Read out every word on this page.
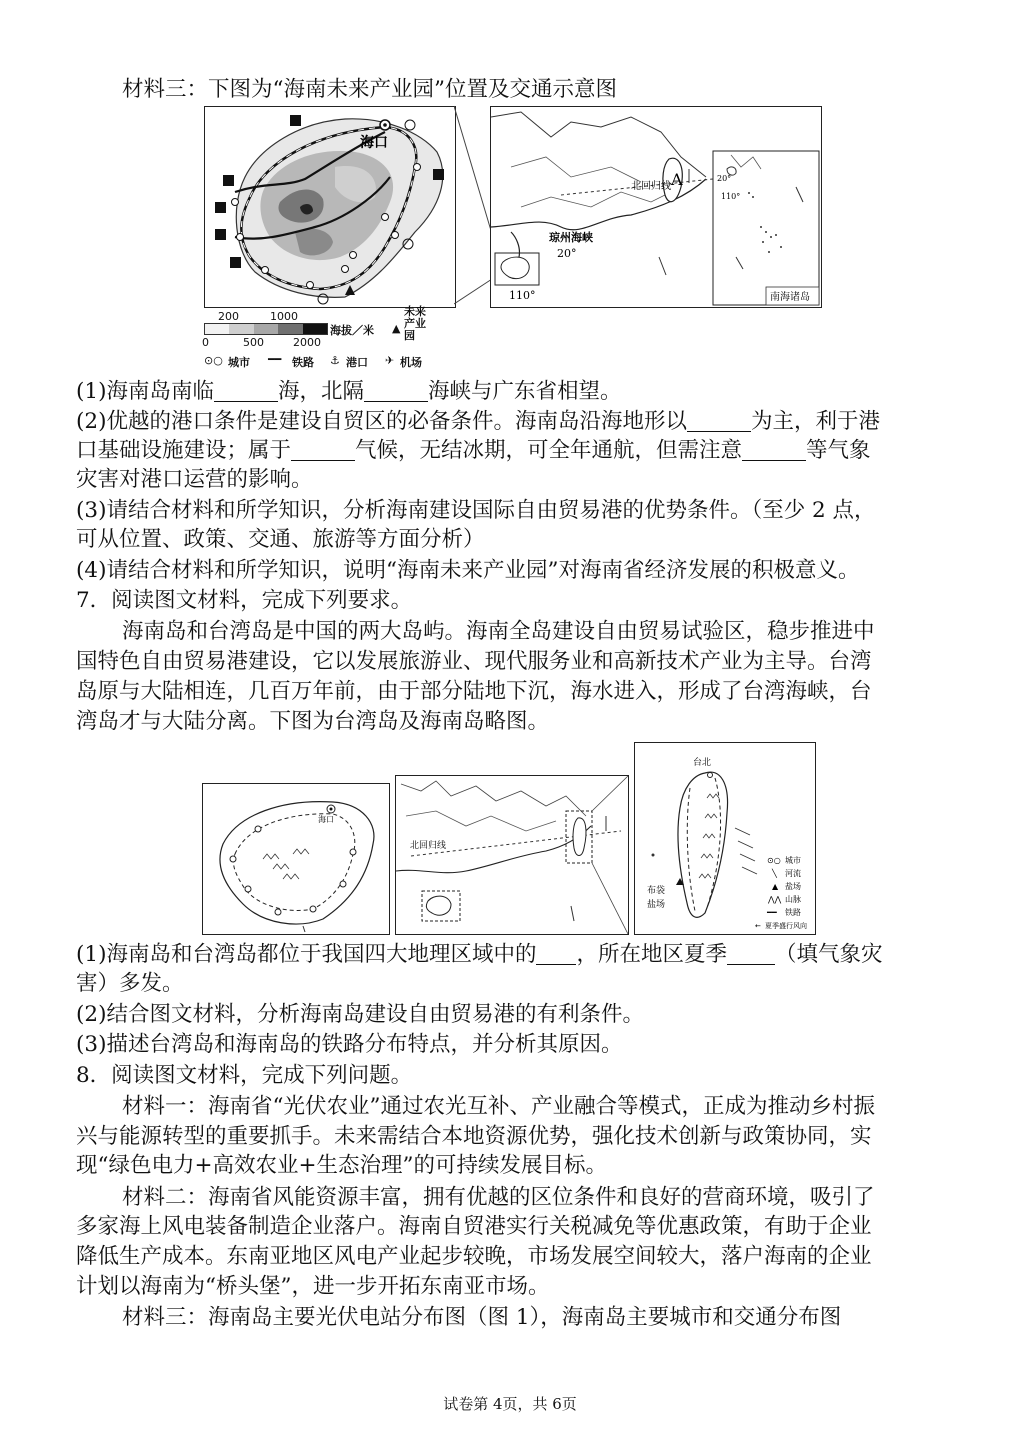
材料三：下图为“海南未来产业园”位置及交通示意图
海口
200	1000
0	500	2000
海拔／米 ▲
未来产业园
⊙○ 城市 ━━ 铁路 ⚓ 港口 ✈ 机场
北回归线 A
琼州海峡
20°
110°
20°
110°
南海诸岛
(1)海南岛南临	海，北隔	海峡与广东省相望。
(2)优越的港口条件是建设自贸区的必备条件。海南岛沿海地形以	为主，利于港
口基础设施建设；属于	气候，无结冰期，可全年通航，但需注意	等气象
灾害对港口运营的影响。
(3)请结合材料和所学知识，分析海南建设国际自由贸易港的优势条件。（至少 2 点，
可从位置、政策、交通、旅游等方面分析）
(4)请结合材料和所学知识，说明“海南未来产业园”对海南省经济发展的积极意义。
7．阅读图文材料，完成下列要求。
海南岛和台湾岛是中国的两大岛屿。海南全岛建设自由贸易试验区，稳步推进中
国特色自由贸易港建设，它以发展旅游业、现代服务业和高新技术产业为主导。台湾
岛原与大陆相连，几百万年前，由于部分陆地下沉，海水进入，形成了台湾海峡，台
湾岛才与大陆分离。下图为台湾岛及海南岛略图。
海口
北回归线
台北
布袋
盐场
⊙○ 城市
╲ 河流
▲ 盐场
⋀⋀ 山脉
━━ 铁路
← 夏季盛行风向
(1)海南岛和台湾岛都位于我国四大地理区域中的 ，所在地区夏季 （填气象灾
害）多发。
(2)结合图文材料，分析海南岛建设自由贸易港的有利条件。
(3)描述台湾岛和海南岛的铁路分布特点，并分析其原因。
8．阅读图文材料，完成下列问题。
材料一：海南省“光伏农业”通过农光互补、产业融合等模式，正成为推动乡村振
兴与能源转型的重要抓手。未来需结合本地资源优势，强化技术创新与政策协同，实
现“绿色电力+高效农业+生态治理”的可持续发展目标。
材料二：海南省风能资源丰富，拥有优越的区位条件和良好的营商环境，吸引了
多家海上风电装备制造企业落户。海南自贸港实行关税减免等优惠政策，有助于企业
降低生产成本。东南亚地区风电产业起步较晚，市场发展空间较大，落户海南的企业
计划以海南为“桥头堡”，进一步开拓东南亚市场。
材料三：海南岛主要光伏电站分布图（图 1），海南岛主要城市和交通分布图
试卷第 4页，共 6页
